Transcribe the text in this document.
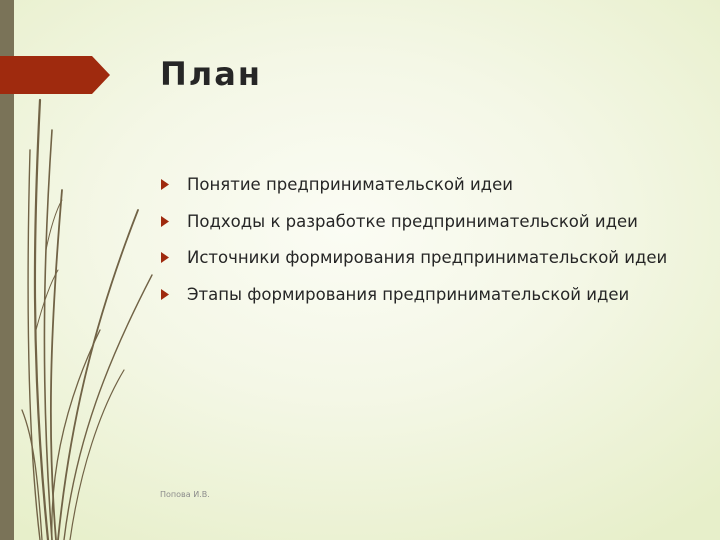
План
Понятие предпринимательской идеи
Подходы к разработке предпринимательской идеи
Источники формирования предпринимательской идеи
Этапы формирования предпринимательской идеи
Попова И.В.
